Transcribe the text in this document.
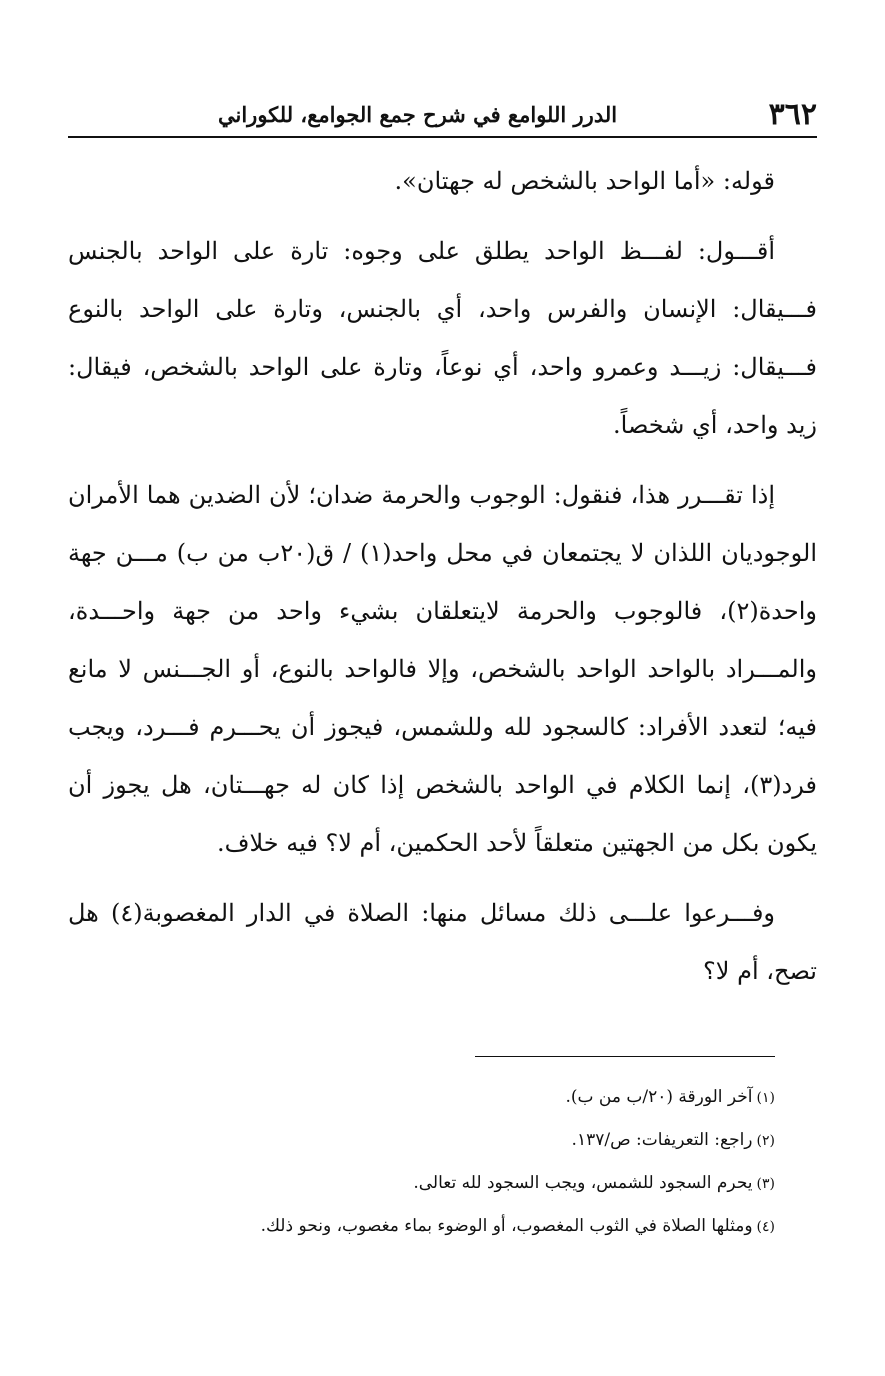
٣٦٢
الدرر اللوامع في شرح جمع الجوامع، للكوراني

قوله: «أما الواحد بالشخص له جهتان».

أقـــول: لفـــظ الواحد يطلق على وجوه: تارة على الواحد بالجنس فـــيقال: الإنسان والفرس واحد، أي بالجنس، وتارة على الواحد بالنوع فـــيقال: زيـــد وعمرو واحد، أي نوعاً، وتارة على الواحد بالشخص، فيقال: زيد واحد، أي شخصاً.

إذا تقـــرر هذا، فنقول: الوجوب والحرمة ضدان؛ لأن الضدين هما الأمران الوجوديان اللذان لا يجتمعان في محل واحد(١) / ق(٢٠ب من ب) مـــن جهة واحدة(٢)، فالوجوب والحرمة لايتعلقان بشيء واحد من جهة واحـــدة، والمـــراد بالواحد الواحد بالشخص، وإلا فالواحد بالنوع، أو الجـــنس لا مانع فيه؛ لتعدد الأفراد: كالسجود لله وللشمس، فيجوز أن يحـــرم فـــرد، ويجب فرد(٣)، إنما الكلام في الواحد بالشخص إذا كان له جهـــتان، هل يجوز أن يكون بكل من الجهتين متعلقاً لأحد الحكمين، أم لا؟ فيه خلاف.

وفـــرعوا علـــى ذلك مسائل منها: الصلاة في الدار المغصوبة(٤) هل تصح، أم لا؟

(١)آخر الورقة (٢٠/ب من ب).

(٢)راجع: التعريفات: ص/١٣٧.

(٣)يحرم السجود للشمس، ويجب السجود لله تعالى.

(٤)ومثلها الصلاة في الثوب المغصوب، أو الوضوء بماء مغصوب، ونحو ذلك.
